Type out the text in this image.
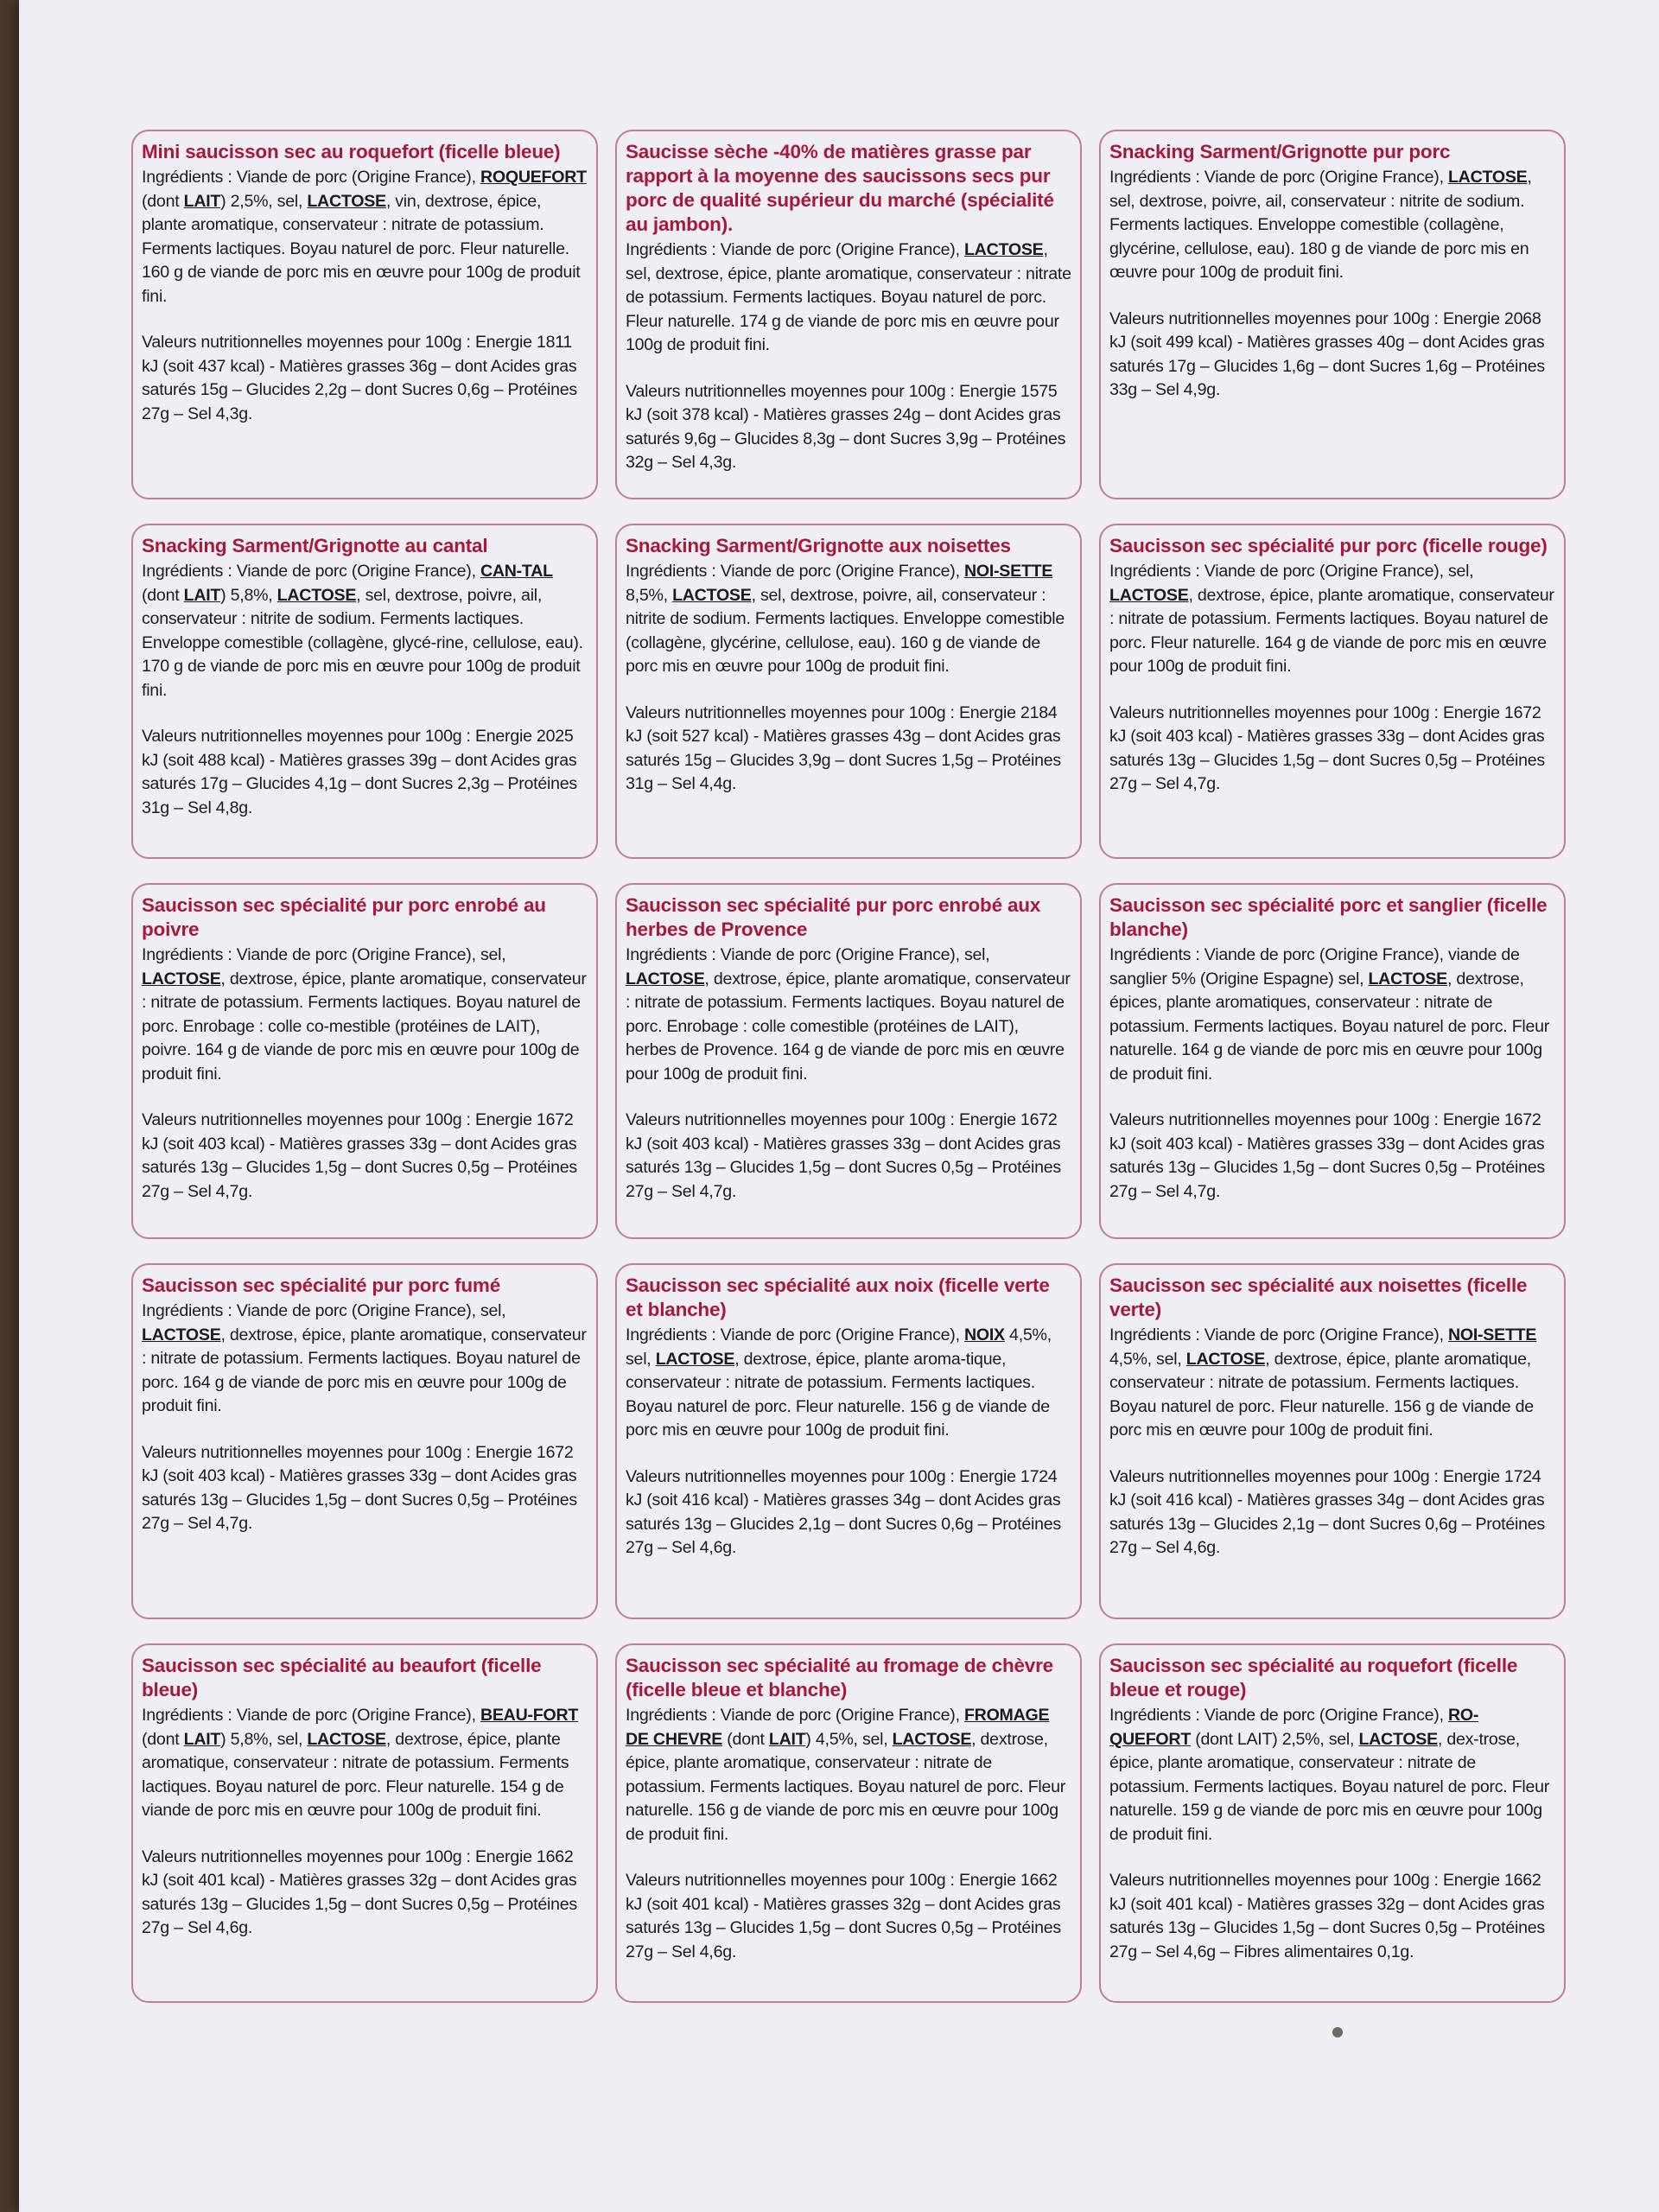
Mini saucisson sec au roquefort (ficelle bleue)

Ingrédients : Viande de porc (Origine France), ROQUEFORT (dont LAIT) 2,5%, sel, LACTOSE, vin, dextrose, épice, plante aromatique, conservateur : nitrate de potassium. Ferments lactiques. Boyau naturel de porc. Fleur naturelle. 160 g de viande de porc mis en œuvre pour 100g de produit fini.

Valeurs nutritionnelles moyennes pour 100g : Energie 1811 kJ (soit 437 kcal) - Matières grasses 36g – dont Acides gras saturés 15g – Glucides 2,2g – dont Sucres 0,6g – Protéines 27g – Sel 4,3g.

Saucisse sèche -40% de matières grasse par rapport à la moyenne des saucissons secs pur porc de qualité supérieur du marché (spécialité au jambon).

Ingrédients : Viande de porc (Origine France), LACTOSE, sel, dextrose, épice, plante aromatique, conservateur : nitrate de potassium. Ferments lactiques. Boyau naturel de porc. Fleur naturelle. 174 g de viande de porc mis en œuvre pour 100g de produit fini.

Valeurs nutritionnelles moyennes pour 100g : Energie 1575 kJ (soit 378 kcal) - Matières grasses 24g – dont Acides gras saturés 9,6g – Glucides 8,3g – dont Sucres 3,9g – Protéines 32g – Sel 4,3g.

Snacking Sarment/Grignotte pur porc

Ingrédients : Viande de porc (Origine France), LACTOSE, sel, dextrose, poivre, ail, conservateur : nitrite de sodium. Ferments lactiques. Enveloppe comestible (collagène, glycérine, cellulose, eau). 180 g de viande de porc mis en œuvre pour 100g de produit fini.

Valeurs nutritionnelles moyennes pour 100g : Energie 2068 kJ (soit 499 kcal) - Matières grasses 40g – dont Acides gras saturés 17g – Glucides 1,6g – dont Sucres 1,6g – Protéines 33g – Sel 4,9g.

Snacking Sarment/Grignotte au cantal

Ingrédients : Viande de porc (Origine France), CAN-TAL (dont LAIT) 5,8%, LACTOSE, sel, dextrose, poivre, ail, conservateur : nitrite de sodium. Ferments lactiques. Enveloppe comestible (collagène, glycé-rine, cellulose, eau). 170 g de viande de porc mis en œuvre pour 100g de produit fini.

Valeurs nutritionnelles moyennes pour 100g : Energie 2025 kJ (soit 488 kcal) - Matières grasses 39g – dont Acides gras saturés 17g – Glucides 4,1g – dont Sucres 2,3g – Protéines 31g – Sel 4,8g.

Snacking Sarment/Grignotte aux noisettes

Ingrédients : Viande de porc (Origine France), NOI-SETTE 8,5%, LACTOSE, sel, dextrose, poivre, ail, conservateur : nitrite de sodium. Ferments lactiques. Enveloppe comestible (collagène, glycérine, cellulose, eau). 160 g de viande de porc mis en œuvre pour 100g de produit fini.

Valeurs nutritionnelles moyennes pour 100g : Energie 2184 kJ (soit 527 kcal) - Matières grasses 43g – dont Acides gras saturés 15g – Glucides 3,9g – dont Sucres 1,5g – Protéines 31g – Sel 4,4g.

Saucisson sec spécialité pur porc (ficelle rouge)

Ingrédients : Viande de porc (Origine France), sel, LACTOSE, dextrose, épice, plante aromatique, conservateur : nitrate de potassium. Ferments lactiques. Boyau naturel de porc. Fleur naturelle. 164 g de viande de porc mis en œuvre pour 100g de produit fini.

Valeurs nutritionnelles moyennes pour 100g : Energie 1672 kJ (soit 403 kcal) - Matières grasses 33g – dont Acides gras saturés 13g – Glucides 1,5g – dont Sucres 0,5g – Protéines 27g – Sel 4,7g.

Saucisson sec spécialité pur porc enrobé au poivre

Ingrédients : Viande de porc (Origine France), sel, LACTOSE, dextrose, épice, plante aromatique, conservateur : nitrate de potassium. Ferments lactiques. Boyau naturel de porc. Enrobage : colle co-mestible (protéines de LAIT), poivre. 164 g de viande de porc mis en œuvre pour 100g de produit fini.

Valeurs nutritionnelles moyennes pour 100g : Energie 1672 kJ (soit 403 kcal) - Matières grasses 33g – dont Acides gras saturés 13g – Glucides 1,5g – dont Sucres 0,5g – Protéines 27g – Sel 4,7g.

Saucisson sec spécialité pur porc enrobé aux herbes de Provence

Ingrédients : Viande de porc (Origine France), sel, LACTOSE, dextrose, épice, plante aromatique, conservateur : nitrate de potassium. Ferments lactiques. Boyau naturel de porc. Enrobage : colle comestible (protéines de LAIT), herbes de Provence. 164 g de viande de porc mis en œuvre pour 100g de produit fini.

Valeurs nutritionnelles moyennes pour 100g : Energie 1672 kJ (soit 403 kcal) - Matières grasses 33g – dont Acides gras saturés 13g – Glucides 1,5g – dont Sucres 0,5g – Protéines 27g – Sel 4,7g.

Saucisson sec spécialité porc et sanglier (ficelle blanche)

Ingrédients : Viande de porc (Origine France), viande de sanglier 5% (Origine Espagne) sel, LACTOSE, dextrose, épices, plante aromatiques, conservateur : nitrate de potassium. Ferments lactiques. Boyau naturel de porc. Fleur naturelle. 164 g de viande de porc mis en œuvre pour 100g de produit fini.

Valeurs nutritionnelles moyennes pour 100g : Energie 1672 kJ (soit 403 kcal) - Matières grasses 33g – dont Acides gras saturés 13g – Glucides 1,5g – dont Sucres 0,5g – Protéines 27g – Sel 4,7g.

Saucisson sec spécialité pur porc fumé

Ingrédients : Viande de porc (Origine France), sel, LACTOSE, dextrose, épice, plante aromatique, conservateur : nitrate de potassium. Ferments lactiques. Boyau naturel de porc. 164 g de viande de porc mis en œuvre pour 100g de produit fini.

Valeurs nutritionnelles moyennes pour 100g : Energie 1672 kJ (soit 403 kcal) - Matières grasses 33g – dont Acides gras saturés 13g – Glucides 1,5g – dont Sucres 0,5g – Protéines 27g – Sel 4,7g.

Saucisson sec spécialité aux noix (ficelle verte et blanche)

Ingrédients : Viande de porc (Origine France), NOIX 4,5%, sel, LACTOSE, dextrose, épice, plante aroma-tique, conservateur : nitrate de potassium. Ferments lactiques. Boyau naturel de porc. Fleur naturelle. 156 g de viande de porc mis en œuvre pour 100g de produit fini.

Valeurs nutritionnelles moyennes pour 100g : Energie 1724 kJ (soit 416 kcal) - Matières grasses 34g – dont Acides gras saturés 13g – Glucides 2,1g – dont Sucres 0,6g – Protéines 27g – Sel 4,6g.

Saucisson sec spécialité aux noisettes (ficelle verte)

Ingrédients : Viande de porc (Origine France), NOI-SETTE 4,5%, sel, LACTOSE, dextrose, épice, plante aromatique, conservateur : nitrate de potassium. Ferments lactiques. Boyau naturel de porc. Fleur naturelle. 156 g de viande de porc mis en œuvre pour 100g de produit fini.

Valeurs nutritionnelles moyennes pour 100g : Energie 1724 kJ (soit 416 kcal) - Matières grasses 34g – dont Acides gras saturés 13g – Glucides 2,1g – dont Sucres 0,6g – Protéines 27g – Sel 4,6g.

Saucisson sec spécialité au beaufort (ficelle bleue)

Ingrédients : Viande de porc (Origine France), BEAU-FORT (dont LAIT) 5,8%, sel, LACTOSE, dextrose, épice, plante aromatique, conservateur : nitrate de potassium. Ferments lactiques. Boyau naturel de porc. Fleur naturelle. 154 g de viande de porc mis en œuvre pour 100g de produit fini.

Valeurs nutritionnelles moyennes pour 100g : Energie 1662 kJ (soit 401 kcal) - Matières grasses 32g – dont Acides gras saturés 13g – Glucides 1,5g – dont Sucres 0,5g – Protéines 27g – Sel 4,6g.

Saucisson sec spécialité au fromage de chèvre (ficelle bleue et blanche)

Ingrédients : Viande de porc (Origine France), FROMAGE DE CHEVRE (dont LAIT) 4,5%, sel, LACTOSE, dextrose, épice, plante aromatique, conservateur : nitrate de potassium. Ferments lactiques. Boyau naturel de porc. Fleur naturelle. 156 g de viande de porc mis en œuvre pour 100g de produit fini.

Valeurs nutritionnelles moyennes pour 100g : Energie 1662 kJ (soit 401 kcal) - Matières grasses 32g – dont Acides gras saturés 13g – Glucides 1,5g – dont Sucres 0,5g – Protéines 27g – Sel 4,6g.

Saucisson sec spécialité au roquefort (ficelle bleue et rouge)

Ingrédients : Viande de porc (Origine France), RO-QUEFORT (dont LAIT) 2,5%, sel, LACTOSE, dex-trose, épice, plante aromatique, conservateur : nitrate de potassium. Ferments lactiques. Boyau naturel de porc. Fleur naturelle. 159 g de viande de porc mis en œuvre pour 100g de produit fini.

Valeurs nutritionnelles moyennes pour 100g : Energie 1662 kJ (soit 401 kcal) - Matières grasses 32g – dont Acides gras saturés 13g – Glucides 1,5g – dont Sucres 0,5g – Protéines 27g – Sel 4,6g – Fibres alimentaires 0,1g.
